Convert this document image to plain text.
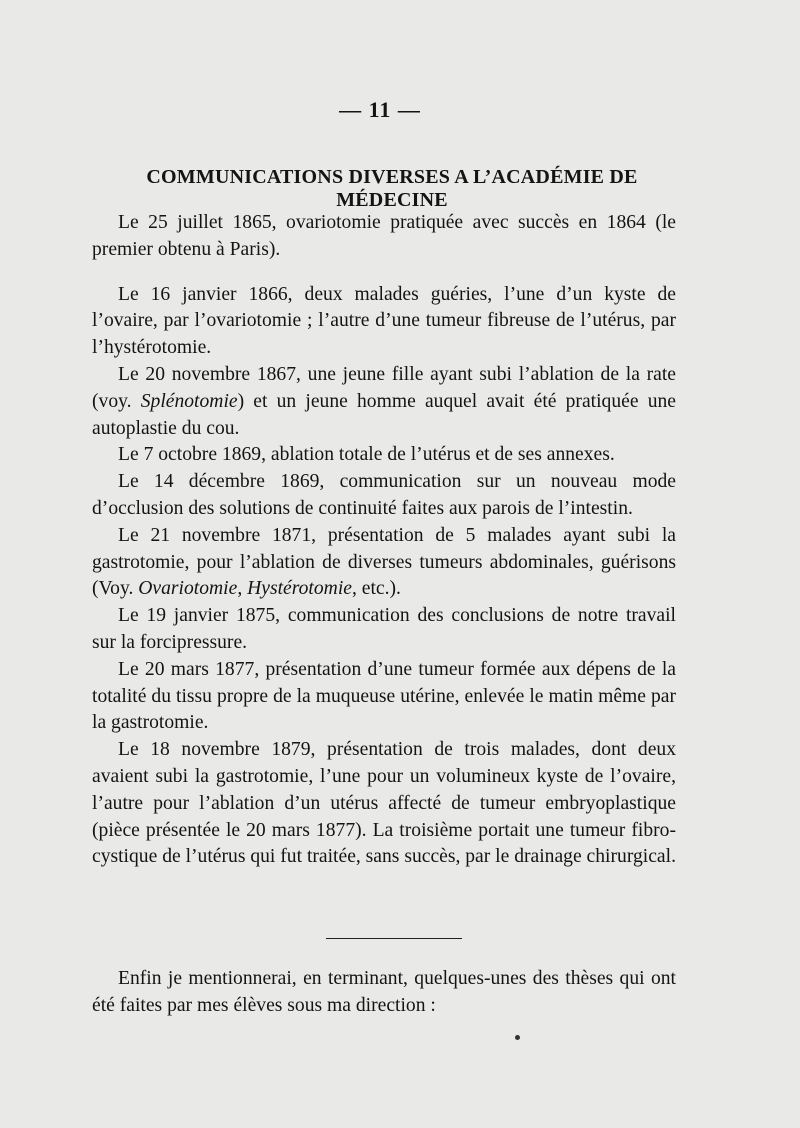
— 11 —
COMMUNICATIONS DIVERSES A L’ACADÉMIE DE MÉDECINE

Le 25 juillet 1865, ovariotomie pratiquée avec succès en 1864 (le premier obtenu à Paris).

Le 16 janvier 1866, deux malades guéries, l’une d’un kyste de l’ovaire, par l’ovariotomie ; l’autre d’une tumeur fibreuse de l’utérus, par l’hystérotomie.

Le 20 novembre 1867, une jeune fille ayant subi l’ablation de la rate (voy. Splénotomie) et un jeune homme auquel avait été pratiquée une autoplastie du cou.

Le 7 octobre 1869, ablation totale de l’utérus et de ses annexes.

Le 14 décembre 1869, communication sur un nouveau mode d’occlusion des solutions de continuité faites aux parois de l’intestin.

Le 21 novembre 1871, présentation de 5 malades ayant subi la gastrotomie, pour l’ablation de diverses tumeurs abdominales, guérisons (Voy. Ovariotomie, Hystérotomie, etc.).

Le 19 janvier 1875, communication des conclusions de notre travail sur la forcipressure.

Le 20 mars 1877, présentation d’une tumeur formée aux dépens de la totalité du tissu propre de la muqueuse utérine, enlevée le matin même par la gastrotomie.

Le 18 novembre 1879, présentation de trois malades, dont deux avaient subi la gastrotomie, l’une pour un volumineux kyste de l’ovaire, l’autre pour l’ablation d’un utérus affecté de tumeur embryoplastique (pièce présentée le 20 mars 1877). La troisième portait une tumeur fibro-cystique de l’utérus qui fut traitée, sans succès, par le drainage chirurgical.

Enfin je mentionnerai, en terminant, quelques-unes des thèses qui ont été faites par mes élèves sous ma direction :
